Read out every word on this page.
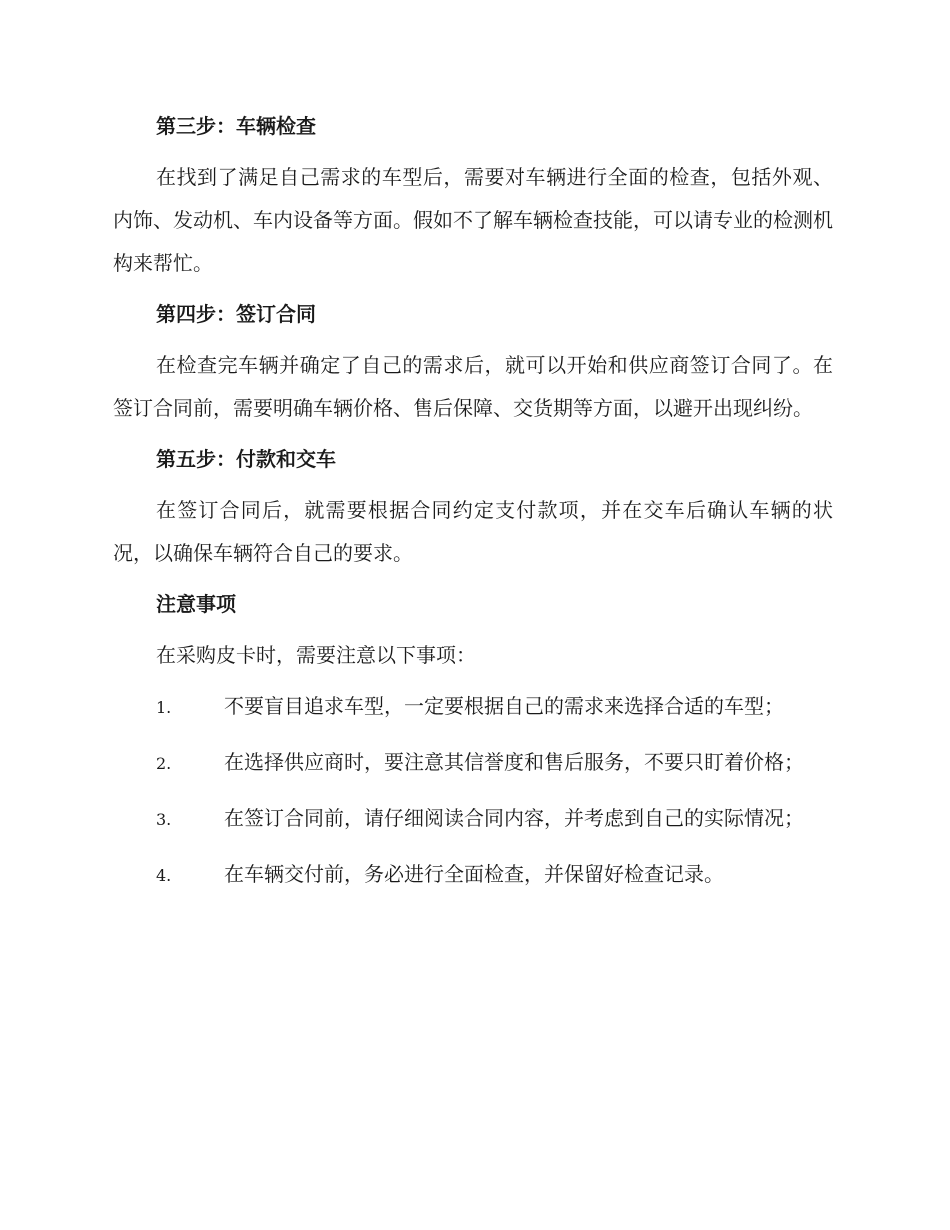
第三步：车辆检查
在找到了满足自己需求的车型后，需要对车辆进行全面的检查，包括外观、内饰、发动机、车内设备等方面。假如不了解车辆检查技能，可以请专业的检测机构来帮忙。
第四步：签订合同
在检查完车辆并确定了自己的需求后，就可以开始和供应商签订合同了。在签订合同前，需要明确车辆价格、售后保障、交货期等方面，以避开出现纠纷。
第五步：付款和交车
在签订合同后，就需要根据合同约定支付款项，并在交车后确认车辆的状况，以确保车辆符合自己的要求。
注意事项
在采购皮卡时，需要注意以下事项：
1.	不要盲目追求车型，一定要根据自己的需求来选择合适的车型；
2.	在选择供应商时，要注意其信誉度和售后服务，不要只盯着价格；
3.	在签订合同前，请仔细阅读合同内容，并考虑到自己的实际情况；
4.	在车辆交付前，务必进行全面检查，并保留好检查记录。
